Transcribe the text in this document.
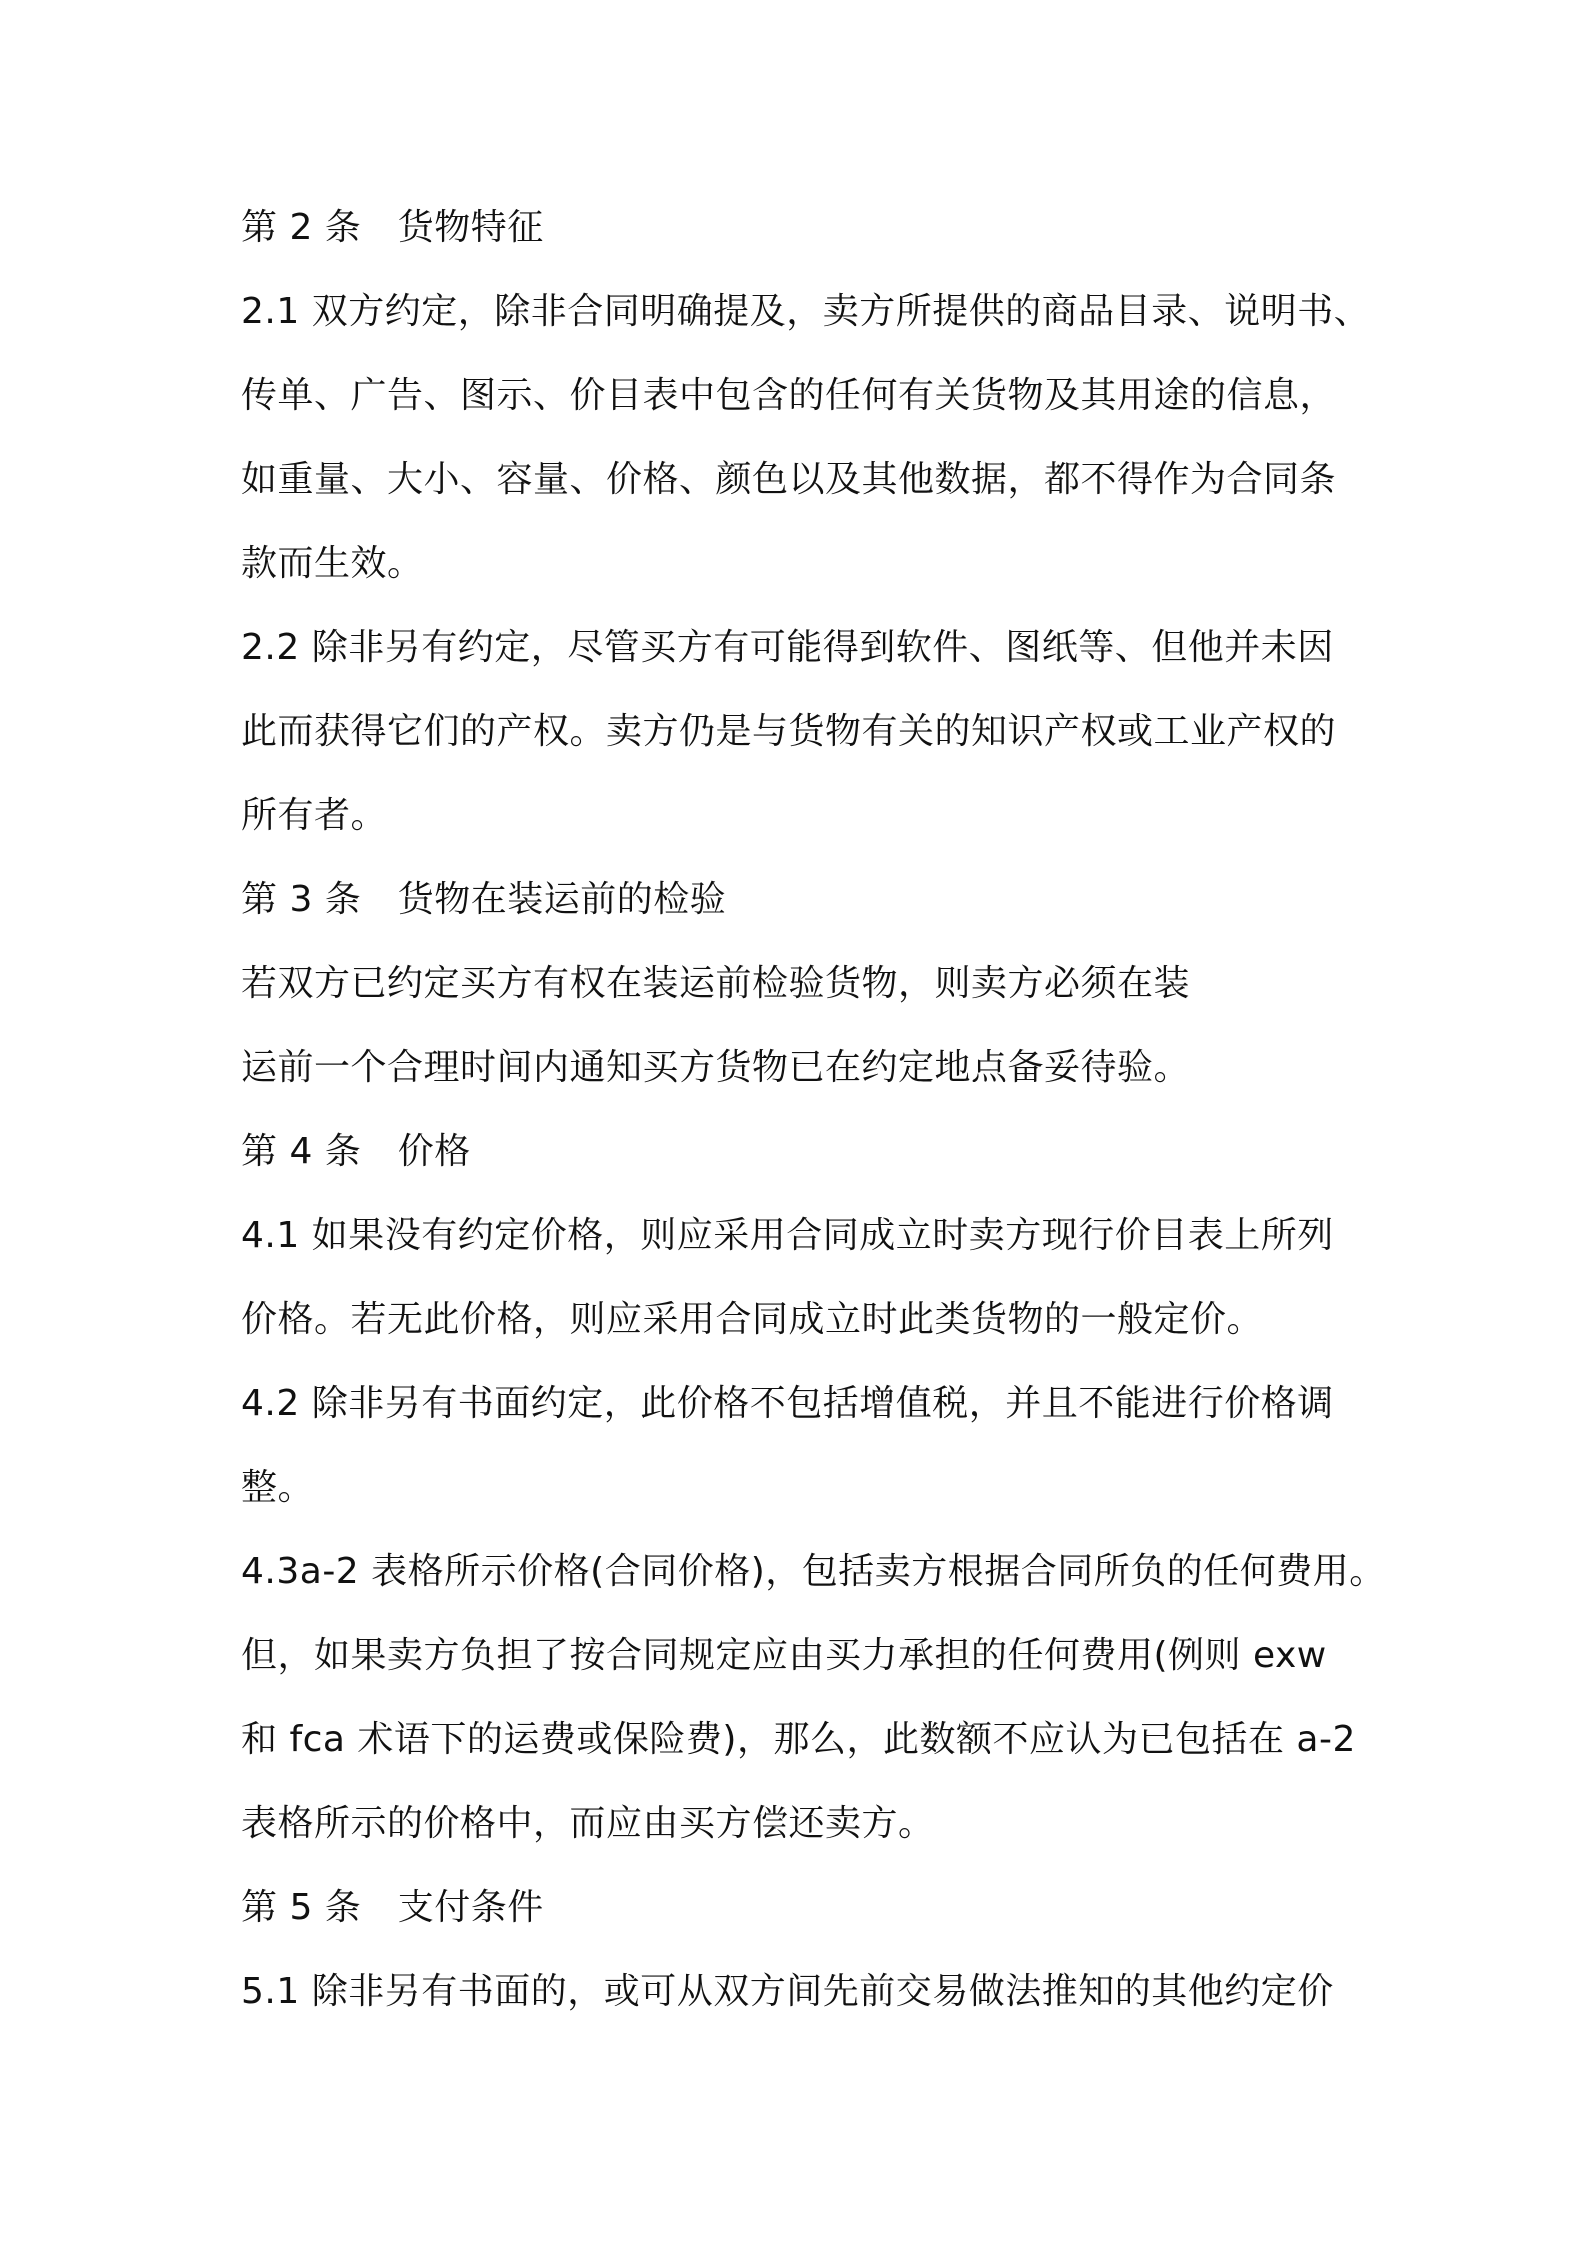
第 2 条　货物特征
2.1 双方约定，除非合同明确提及，卖方所提供的商品目录、说明书、
传单、广告、图示、价目表中包含的任何有关货物及其用途的信息，
如重量、大小、容量、价格、颜色以及其他数据，都不得作为合同条
款而生效。
2.2 除非另有约定，尽管买方有可能得到软件、图纸等、但他并未因
此而获得它们的产权。卖方仍是与货物有关的知识产权或工业产权的
所有者。
第 3 条　货物在装运前的检验
若双方已约定买方有权在装运前检验货物，则卖方必须在装
运前一个合理时间内通知买方货物已在约定地点备妥待验。
第 4 条　价格
4.1 如果没有约定价格，则应采用合同成立时卖方现行价目表上所列
价格。若无此价格，则应采用合同成立时此类货物的一般定价。
4.2 除非另有书面约定，此价格不包括增值税，并且不能进行价格调
整。
4.3a-2 表格所示价格(合同价格)，包括卖方根据合同所负的任何费用。
但，如果卖方负担了按合同规定应由买力承担的任何费用(例则 exw
和 fca 术语下的运费或保险费)，那么，此数额不应认为已包括在 a-2
表格所示的价格中，而应由买方偿还卖方。
第 5 条　支付条件
5.1 除非另有书面的，或可从双方间先前交易做法推知的其他约定价
